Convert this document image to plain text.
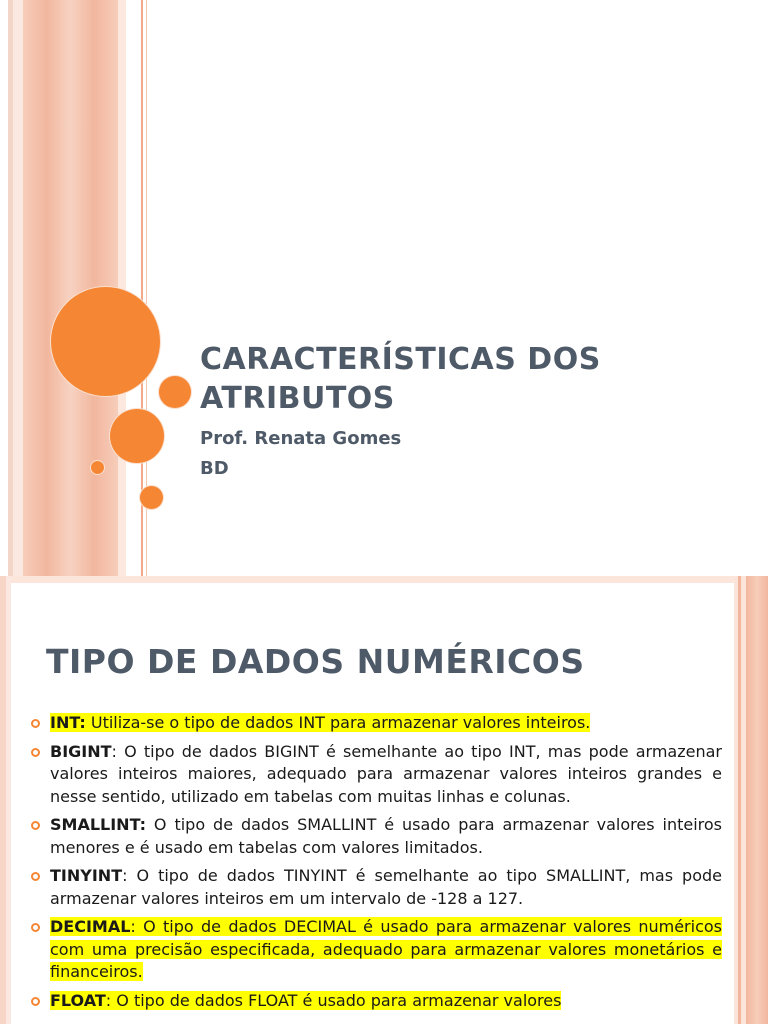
CARACTERÍSTICAS DOS
ATRIBUTOS
Prof. Renata Gomes
BD
TIPO DE DADOS NUMÉRICOS
INT: Utiliza-se o tipo de dados INT para armazenar valores inteiros.
BIGINT: O tipo de dados BIGINT é semelhante ao tipo INT, mas pode armazenar valores inteiros maiores, adequado para armazenar valores inteiros grandes e nesse sentido, utilizado em tabelas com muitas linhas e colunas.
SMALLINT: O tipo de dados SMALLINT é usado para armazenar valores inteiros menores e é usado em tabelas com valores limitados.
TINYINT: O tipo de dados TINYINT é semelhante ao tipo SMALLINT, mas pode armazenar valores inteiros em um intervalo de -128 a 127.
DECIMAL: O tipo de dados DECIMAL é usado para armazenar valores numéricos com uma precisão especificada, adequado para armazenar valores monetários e financeiros.
FLOAT: O tipo de dados FLOAT é usado para armazenar valores
